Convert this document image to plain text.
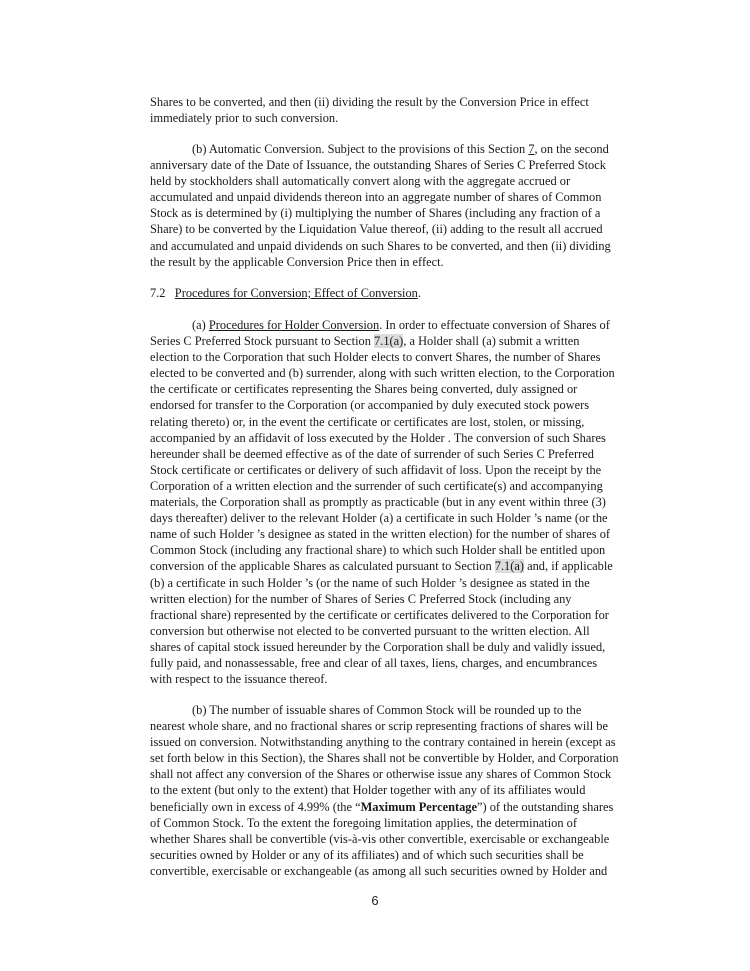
Shares to be converted, and then (ii) dividing the result by the Conversion Price in effect

immediately prior to such conversion.

(b) Automatic Conversion. Subject to the provisions of this Section 7, on the second

anniversary date of the Date of Issuance, the outstanding Shares of Series C Preferred Stock

held by stockholders shall automatically convert along with the aggregate accrued or

accumulated and unpaid dividends thereon into an aggregate number of shares of Common

Stock as is determined by (i) multiplying the number of Shares (including any fraction of a

Share) to be converted by the Liquidation Value thereof, (ii) adding to the result all accrued

and accumulated and unpaid dividends on such Shares to be converted, and then (ii) dividing

the result by the applicable Conversion Price then in effect.

7.2 Procedures for Conversion; Effect of Conversion.

(a) Procedures for Holder Conversion. In order to effectuate conversion of Shares of

Series C Preferred Stock pursuant to Section 7.1(a), a Holder shall (a) submit a written

election to the Corporation that such Holder elects to convert Shares, the number of Shares

elected to be converted and (b) surrender, along with such written election, to the Corporation

the certificate or certificates representing the Shares being converted, duly assigned or

endorsed for transfer to the Corporation (or accompanied by duly executed stock powers

relating thereto) or, in the event the certificate or certificates are lost, stolen, or missing,

accompanied by an affidavit of loss executed by the Holder . The conversion of such Shares

hereunder shall be deemed effective as of the date of surrender of such Series C Preferred

Stock certificate or certificates or delivery of such affidavit of loss. Upon the receipt by the

Corporation of a written election and the surrender of such certificate(s) and accompanying

materials, the Corporation shall as promptly as practicable (but in any event within three (3)

days thereafter) deliver to the relevant Holder (a) a certificate in such Holder ’s name (or the

name of such Holder ’s designee as stated in the written election) for the number of shares of

Common Stock (including any fractional share) to which such Holder shall be entitled upon

conversion of the applicable Shares as calculated pursuant to Section 7.1(a) and, if applicable

(b) a certificate in such Holder ’s (or the name of such Holder ’s designee as stated in the

written election) for the number of Shares of Series C Preferred Stock (including any

fractional share) represented by the certificate or certificates delivered to the Corporation for

conversion but otherwise not elected to be converted pursuant to the written election. All

shares of capital stock issued hereunder by the Corporation shall be duly and validly issued,

fully paid, and nonassessable, free and clear of all taxes, liens, charges, and encumbrances

with respect to the issuance thereof.

(b) The number of issuable shares of Common Stock will be rounded up to the

nearest whole share, and no fractional shares or scrip representing fractions of shares will be

issued on conversion. Notwithstanding anything to the contrary contained in herein (except as

set forth below in this Section), the Shares shall not be convertible by Holder, and Corporation

shall not affect any conversion of the Shares or otherwise issue any shares of Common Stock

to the extent (but only to the extent) that Holder together with any of its affiliates would

beneficially own in excess of 4.99% (the “Maximum Percentage”) of the outstanding shares

of Common Stock. To the extent the foregoing limitation applies, the determination of

whether Shares shall be convertible (vis-à-vis other convertible, exercisable or exchangeable

securities owned by Holder or any of its affiliates) and of which such securities shall be

convertible, exercisable or exchangeable (as among all such securities owned by Holder and

6
